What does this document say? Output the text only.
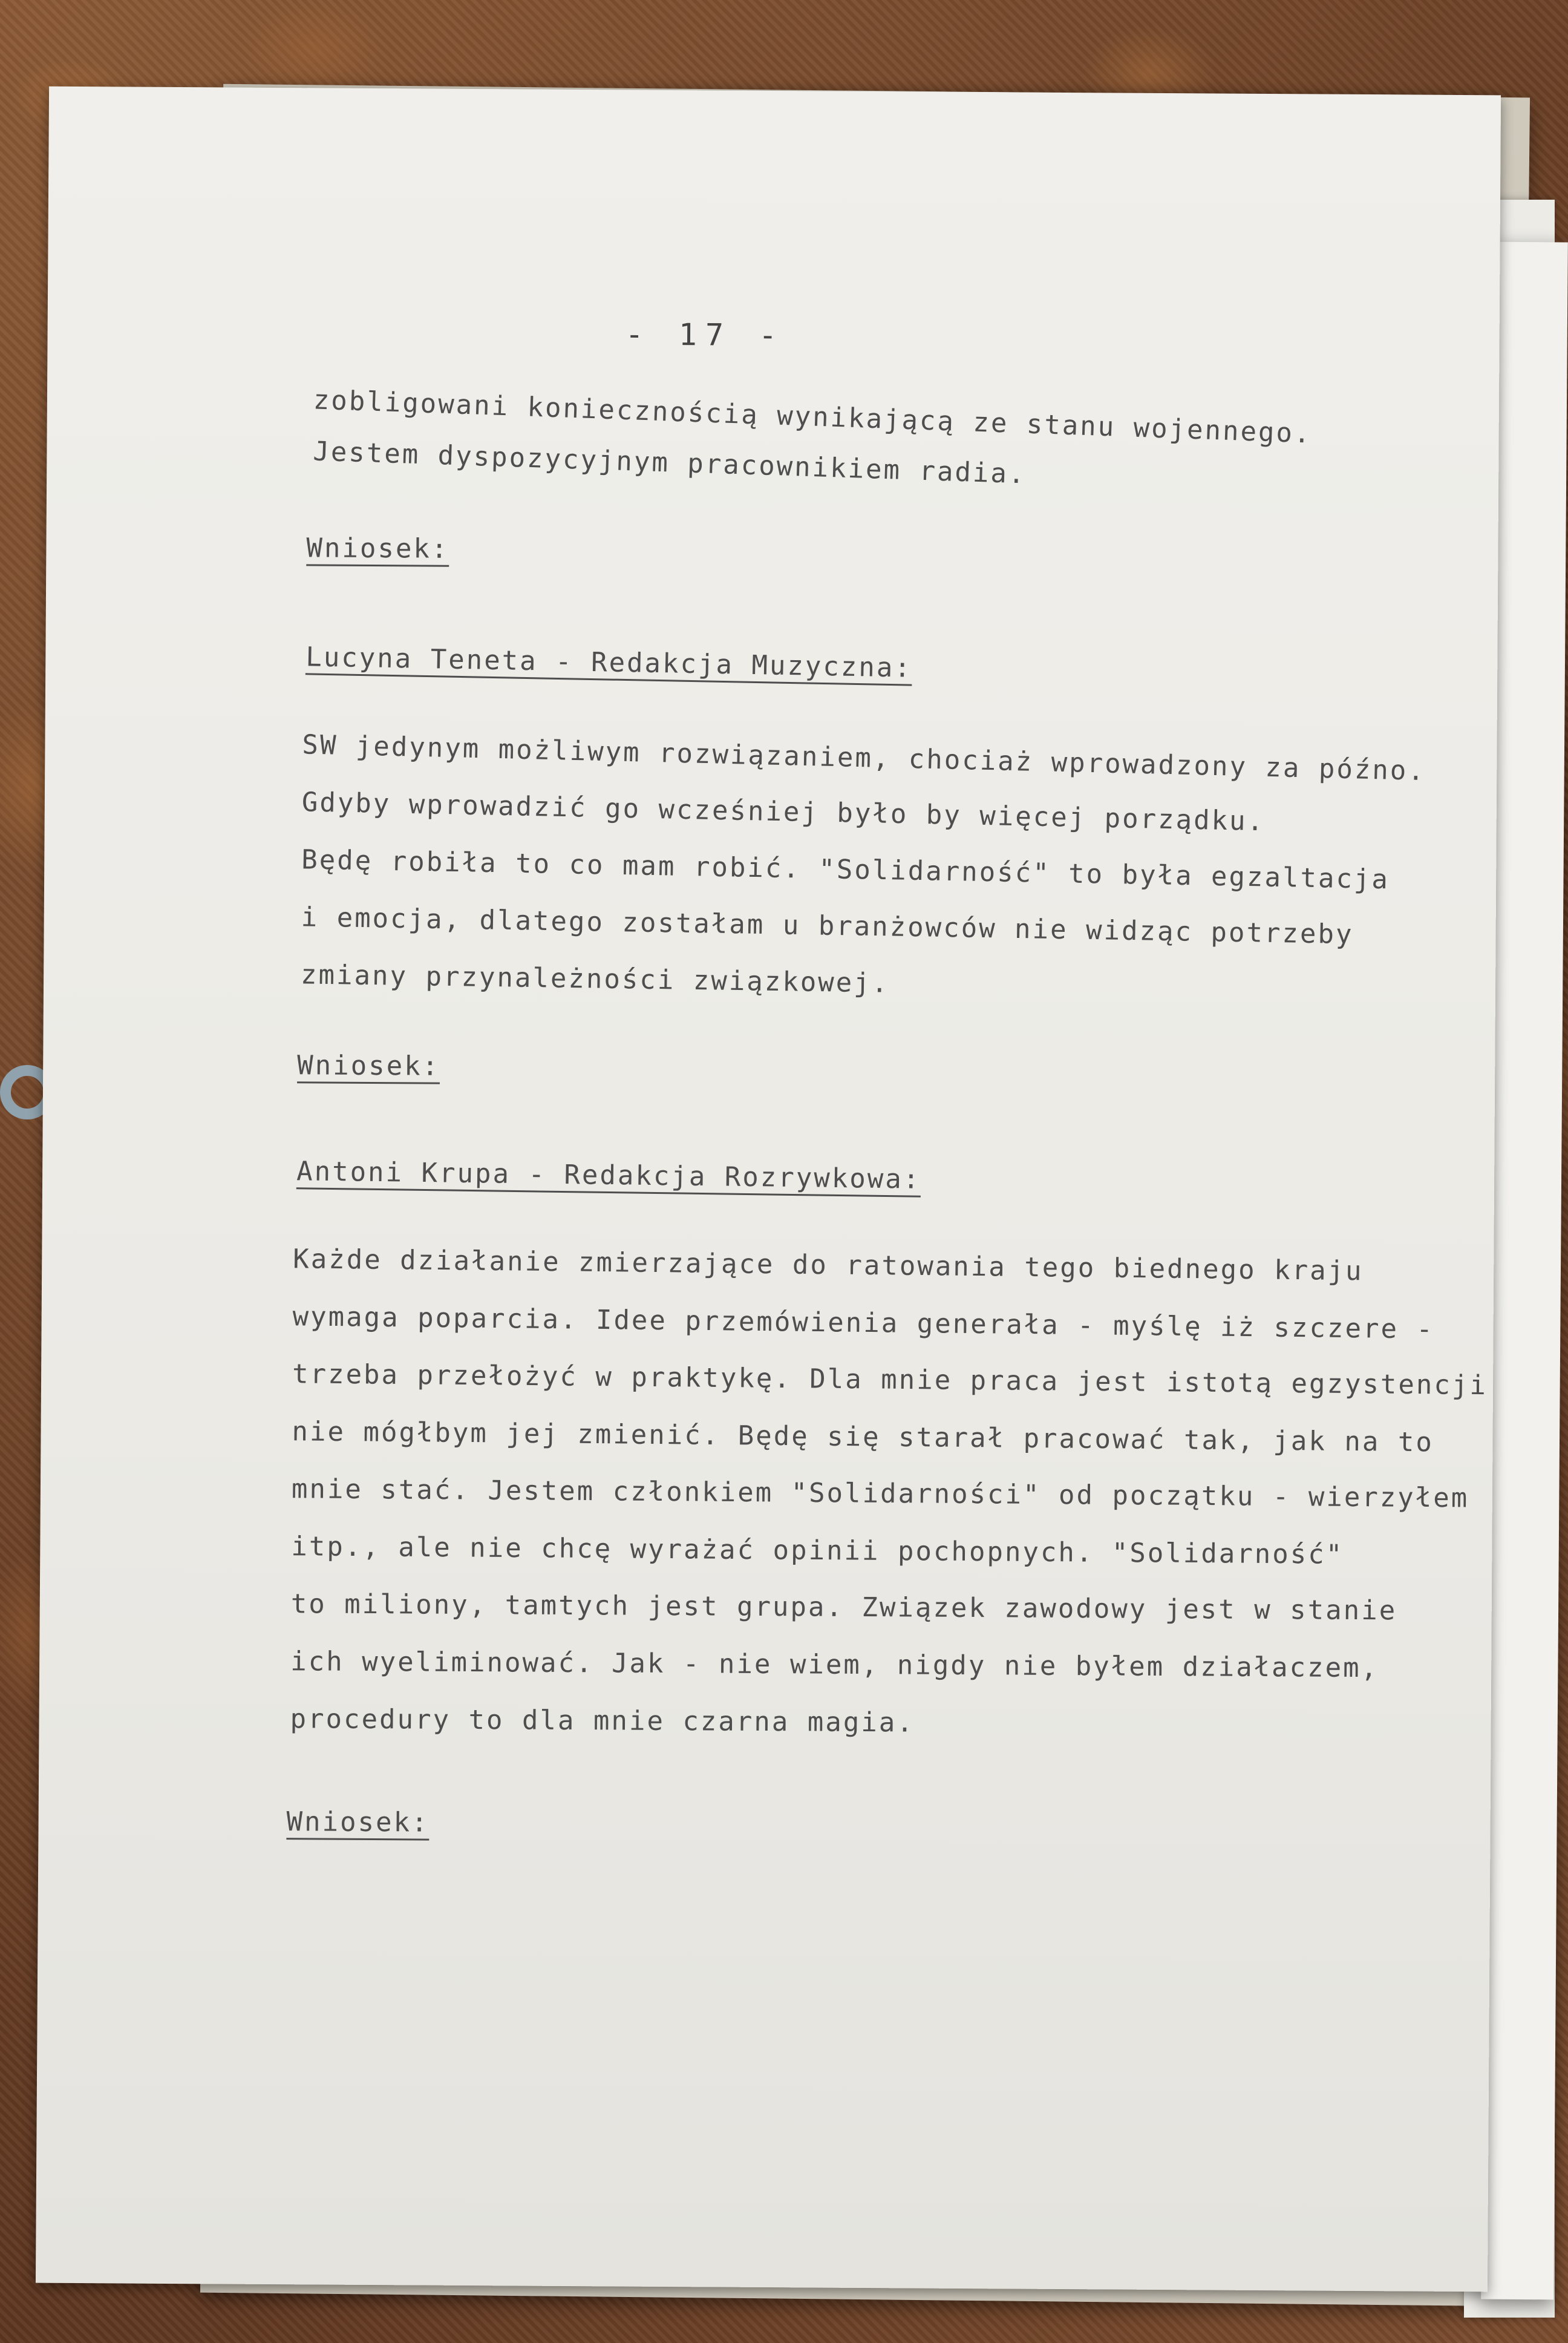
- 17 -
zobligowani koniecznością wynikającą ze stanu wojennego.
Jestem dyspozycyjnym pracownikiem radia.
Wniosek:
Lucyna Teneta - Redakcja Muzyczna:
SW jedynym możliwym rozwiązaniem, chociaż wprowadzony za późno.
Gdyby wprowadzić go wcześniej było by więcej porządku.
Będę robiła to co mam robić. "Solidarność" to była egzaltacja
i emocja, dlatego zostałam u branżowców nie widząc potrzeby
zmiany przynależności związkowej.
Wniosek:
Antoni Krupa - Redakcja Rozrywkowa:
Każde działanie zmierzające do ratowania tego biednego kraju
wymaga poparcia. Idee przemówienia generała - myślę iż szczere -
trzeba przełożyć w praktykę. Dla mnie praca jest istotą egzystencji
nie mógłbym jej zmienić. Będę się starał pracować tak, jak na to
mnie stać. Jestem członkiem "Solidarności" od początku - wierzyłem
itp., ale nie chcę wyrażać opinii pochopnych. "Solidarność"
to miliony, tamtych jest grupa. Związek zawodowy jest w stanie
ich wyeliminować. Jak - nie wiem, nigdy nie byłem działaczem,
procedury to dla mnie czarna magia.
Wniosek:
